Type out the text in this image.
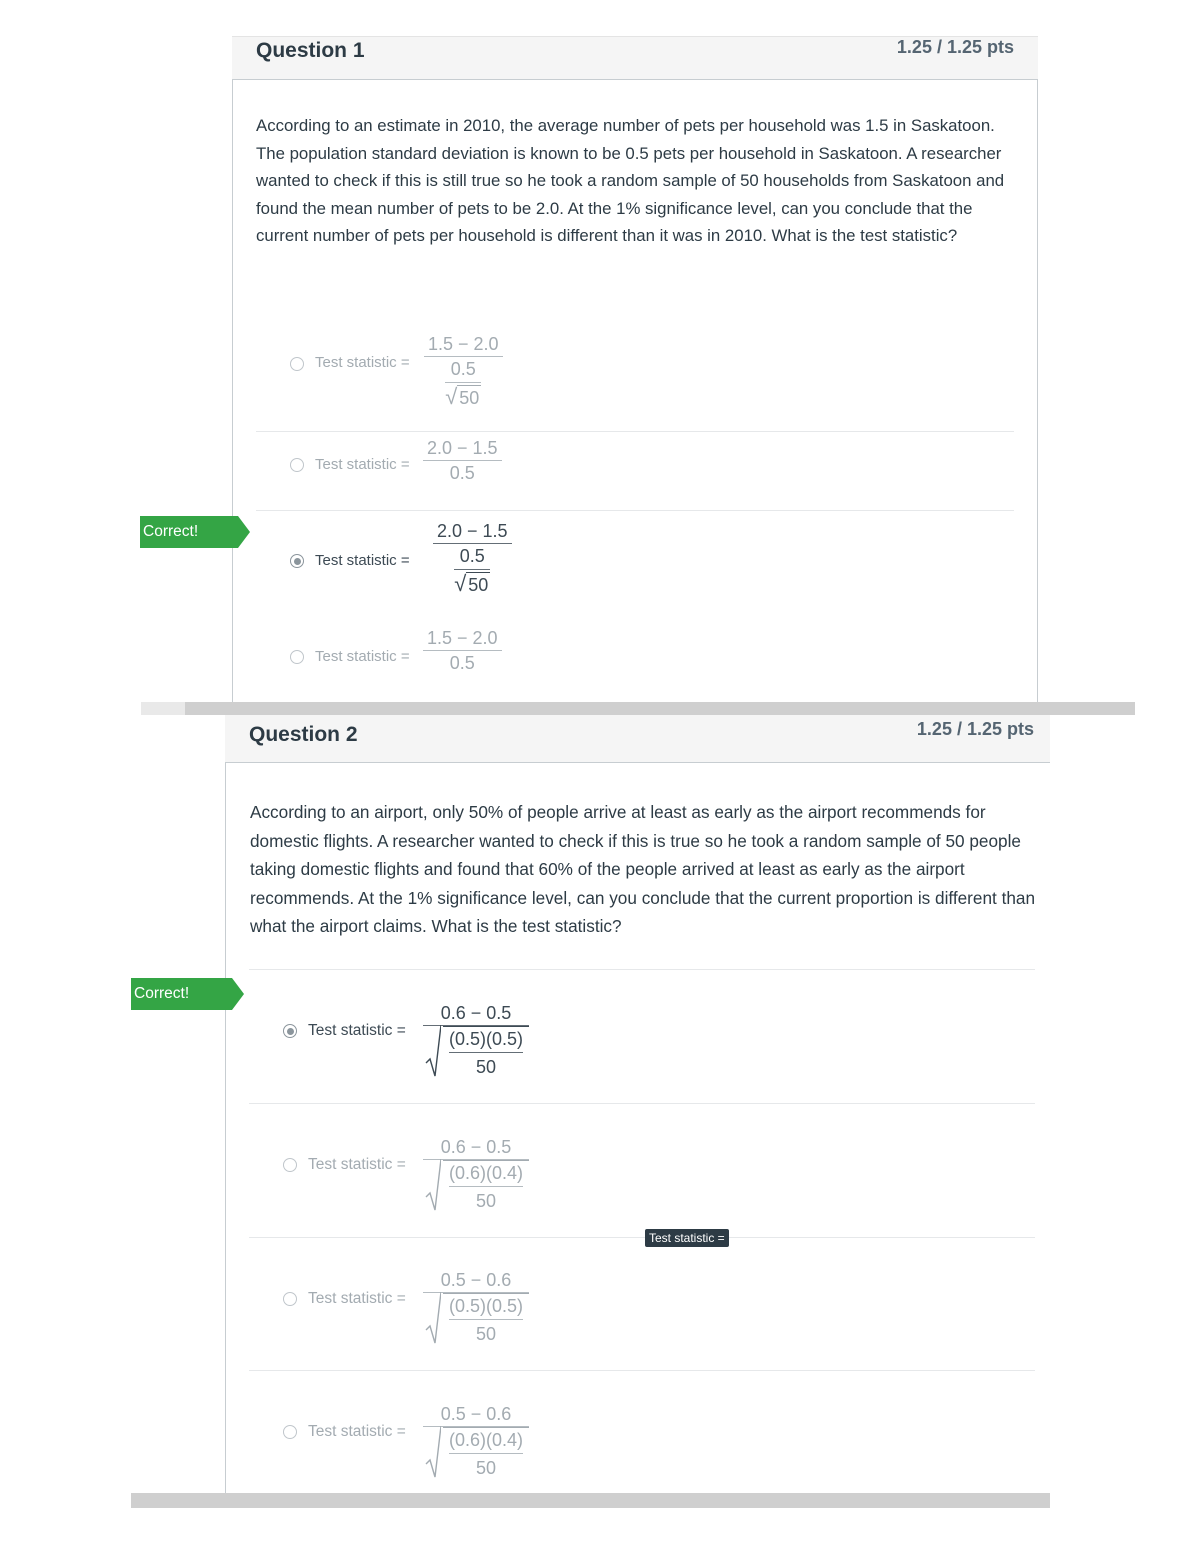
Question 1	1.25 / 1.25 pts
According to an estimate in 2010, the average number of pets per household was 1.5 in Saskatoon. The population standard deviation is known to be 0.5 pets per household in Saskatoon. A researcher wanted to check if this is still true so he took a random sample of 50 households from Saskatoon and found the mean number of pets to be 2.0. At the 1% significance level, can you conclude that the current number of pets per household is different than it was in 2010. What is the test statistic?
Test statistic =
1.5 − 2.0
$\frac{0.5}{√ 50}$
Test statistic =
2.0 − 1.5
0.5
Test statistic =
2.0 − 1.5
$\frac{0.5}{√ 50}$
Test statistic =
1.5 − 2.0
0.5
Correct!
Question 2	1.25 / 1.25 pts
According to an airport, only 50% of people arrive at least as early as the airport recommends for domestic flights. A researcher wanted to check if this is true so he took a random sample of 50 people taking domestic flights and found that 60% of the people arrived at least as early as the airport recommends. At the 1% significance level, can you conclude that the current proportion is different than what the airport claims. What is the test statistic?
Test statistic =
0.6 − 0.5
$\frac{(0.5)(0.5)}{50}$
Test statistic =
0.6 − 0.5
$\frac{(0.6)(0.4)}{50}$
Test statistic =
0.5 − 0.6
$\frac{(0.5)(0.5)}{50}$
Test statistic =
0.5 − 0.6
$\frac{(0.6)(0.4)}{50}$
Correct!
Test statistic =
